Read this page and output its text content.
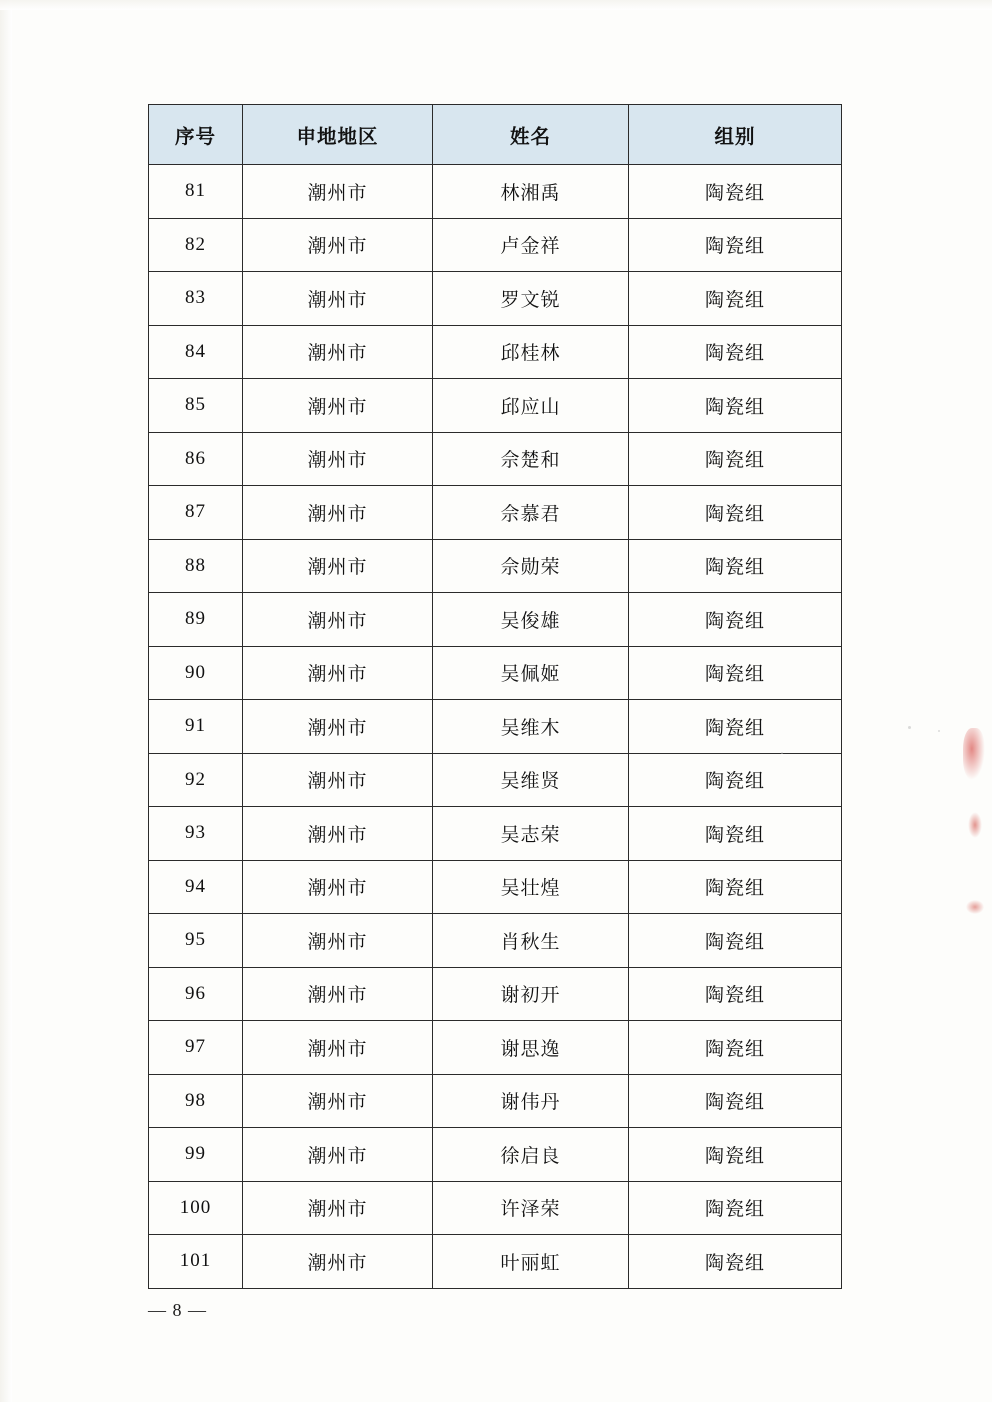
序号	申地地区	姓名	组别
81	潮州市	林湘禹	陶瓷组
82	潮州市	卢金祥	陶瓷组
83	潮州市	罗文锐	陶瓷组
84	潮州市	邱桂林	陶瓷组
85	潮州市	邱应山	陶瓷组
86	潮州市	佘楚和	陶瓷组
87	潮州市	佘慕君	陶瓷组
88	潮州市	佘勋荣	陶瓷组
89	潮州市	吴俊雄	陶瓷组
90	潮州市	吴佩姬	陶瓷组
91	潮州市	吴维木	陶瓷组
92	潮州市	吴维贤	陶瓷组
93	潮州市	吴志荣	陶瓷组
94	潮州市	吴壮煌	陶瓷组
95	潮州市	肖秋生	陶瓷组
96	潮州市	谢初开	陶瓷组
97	潮州市	谢思逸	陶瓷组
98	潮州市	谢伟丹	陶瓷组
99	潮州市	徐启良	陶瓷组
100	潮州市	许泽荣	陶瓷组
101	潮州市	叶丽虹	陶瓷组
— 8 —
